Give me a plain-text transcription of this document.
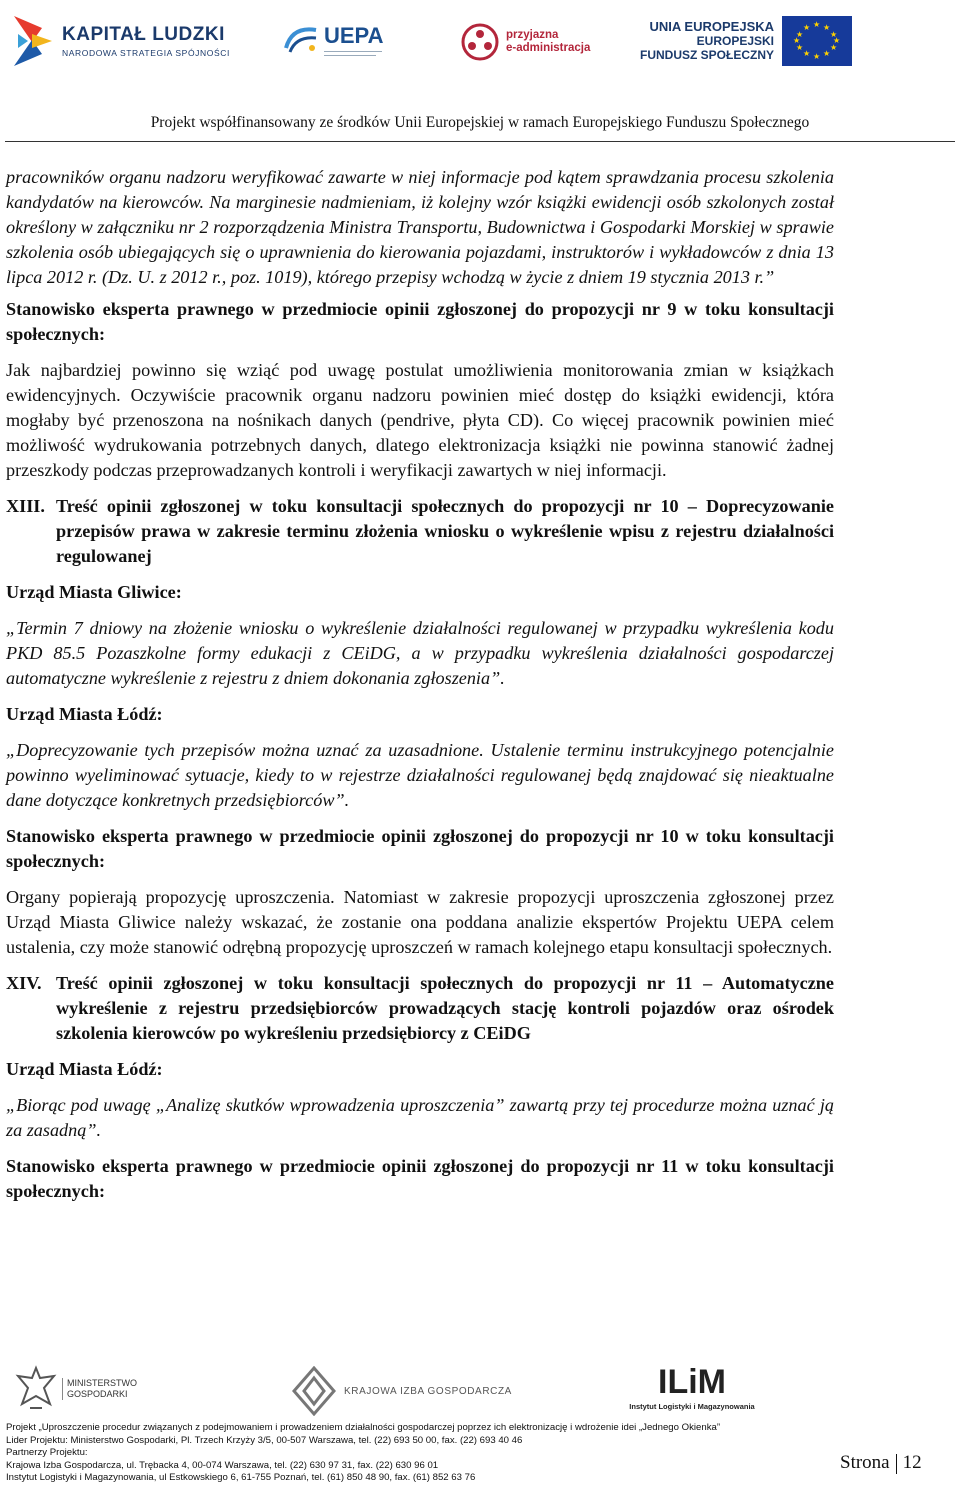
KAPITAŁ LUDZKI
NARODOWA STRATEGIA SPÓJNOŚCI
UEPA	przyjazna
e-administracja
UNIA EUROPEJSKA
EUROPEJSKI
FUNDUSZ SPOŁECZNY
★ ★
★
★
★
★
★
★
★
★
★
★
Projekt współfinansowany ze środków Unii Europejskiej w ramach Europejskiego Funduszu Społecznego

pracowników organu nadzoru weryfikować zawarte w niej informacje pod kątem sprawdzania procesu szkolenia kandydatów na kierowców. Na marginesie nadmieniam, iż kolejny wzór książki ewidencji osób szkolonych został określony w załączniku nr 2 rozporządzenia Ministra Transportu, Budownictwa i Gospodarki Morskiej w sprawie szkolenia osób ubiegających się o uprawnienia do kierowania pojazdami, instruktorów i wykładowców z dnia 13 lipca 2012 r. (Dz. U. z 2012 r., poz. 1019), którego przepisy wchodzą w życie z dniem 19 stycznia 2013 r.”

Stanowisko eksperta prawnego w przedmiocie opinii zgłoszonej do propozycji nr 9 w toku konsultacji społecznych:

Jak najbardziej powinno się wziąć pod uwagę postulat umożliwienia monitorowania zmian w książkach ewidencyjnych. Oczywiście pracownik organu nadzoru powinien mieć dostęp do książki ewidencji, która mogłaby być przenoszona na nośnikach danych (pendrive, płyta CD). Co więcej pracownik powinien mieć możliwość wydrukowania potrzebnych danych, dlatego elektronizacja książki nie powinna stanowić żadnej przeszkody podczas przeprowadzanych kontroli i weryfikacji zawartych w niej informacji.

XIII. Treść opinii zgłoszonej w toku konsultacji społecznych do propozycji nr 10 – Doprecyzowanie przepisów prawa w zakresie terminu złożenia wniosku o wykreślenie wpisu z rejestru działalności regulowanej

Urząd Miasta Gliwice:

„Termin 7 dniowy na złożenie wniosku o wykreślenie działalności regulowanej w przypadku wykreślenia kodu PKD 85.5 Pozaszkolne formy edukacji z CEiDG, a w przypadku wykreślenia działalności gospodarczej automatyczne wykreślenie z rejestru z dniem dokonania zgłoszenia”.

Urząd Miasta Łódź:

„Doprecyzowanie tych przepisów można uznać za uzasadnione. Ustalenie terminu instrukcyjnego potencjalnie powinno wyeliminować sytuacje, kiedy to w rejestrze działalności regulowanej będą znajdować się nieaktualne dane dotyczące konkretnych przedsiębiorców”.

Stanowisko eksperta prawnego w przedmiocie opinii zgłoszonej do propozycji nr 10 w toku konsultacji społecznych:

Organy popierają propozycję uproszczenia. Natomiast w zakresie propozycji uproszczenia zgłoszonej przez Urząd Miasta Gliwice należy wskazać, że zostanie ona poddana analizie ekspertów Projektu UEPA celem ustalenia, czy może stanowić odrębną propozycję uproszczeń w ramach kolejnego etapu konsultacji społecznych.

XIV. Treść opinii zgłoszonej w toku konsultacji społecznych do propozycji nr 11 – Automatyczne wykreślenie z rejestru przedsiębiorców prowadzących stację kontroli pojazdów oraz ośrodek szkolenia kierowców po wykreśleniu przedsiębiorcy z CEiDG

Urząd Miasta Łódź:

„Biorąc pod uwagę „Analizę skutków wprowadzenia uproszczenia” zawartą przy tej procedurze można uznać ją za zasadną”.

Stanowisko eksperta prawnego w przedmiocie opinii zgłoszonej do propozycji nr 11 w toku konsultacji społecznych:

MINISTERSTWO
GOSPODARKI	KRAJOWA IZBA GOSPODARCZA	ILiM
Instytut Logistyki i Magazynowania
Projekt „Uproszczenie procedur związanych z podejmowaniem i prowadzeniem działalności gospodarczej poprzez ich elektronizację i wdrożenie idei „Jednego Okienka”
Lider Projektu: Ministerstwo Gospodarki, Pl. Trzech Krzyży 3/5, 00-507 Warszawa, tel. (22) 693 50 00, fax. (22) 693 40 46
Partnerzy Projektu:
Krajowa Izba Gospodarcza, ul. Trębacka 4, 00-074 Warszawa, tel. (22) 630 97 31, fax. (22) 630 96 01
Instytut Logistyki i Magazynowania, ul Estkowskiego 6, 61-755 Poznań, tel. (61) 850 48 90, fax. (61) 852 63 76
Strona 12
